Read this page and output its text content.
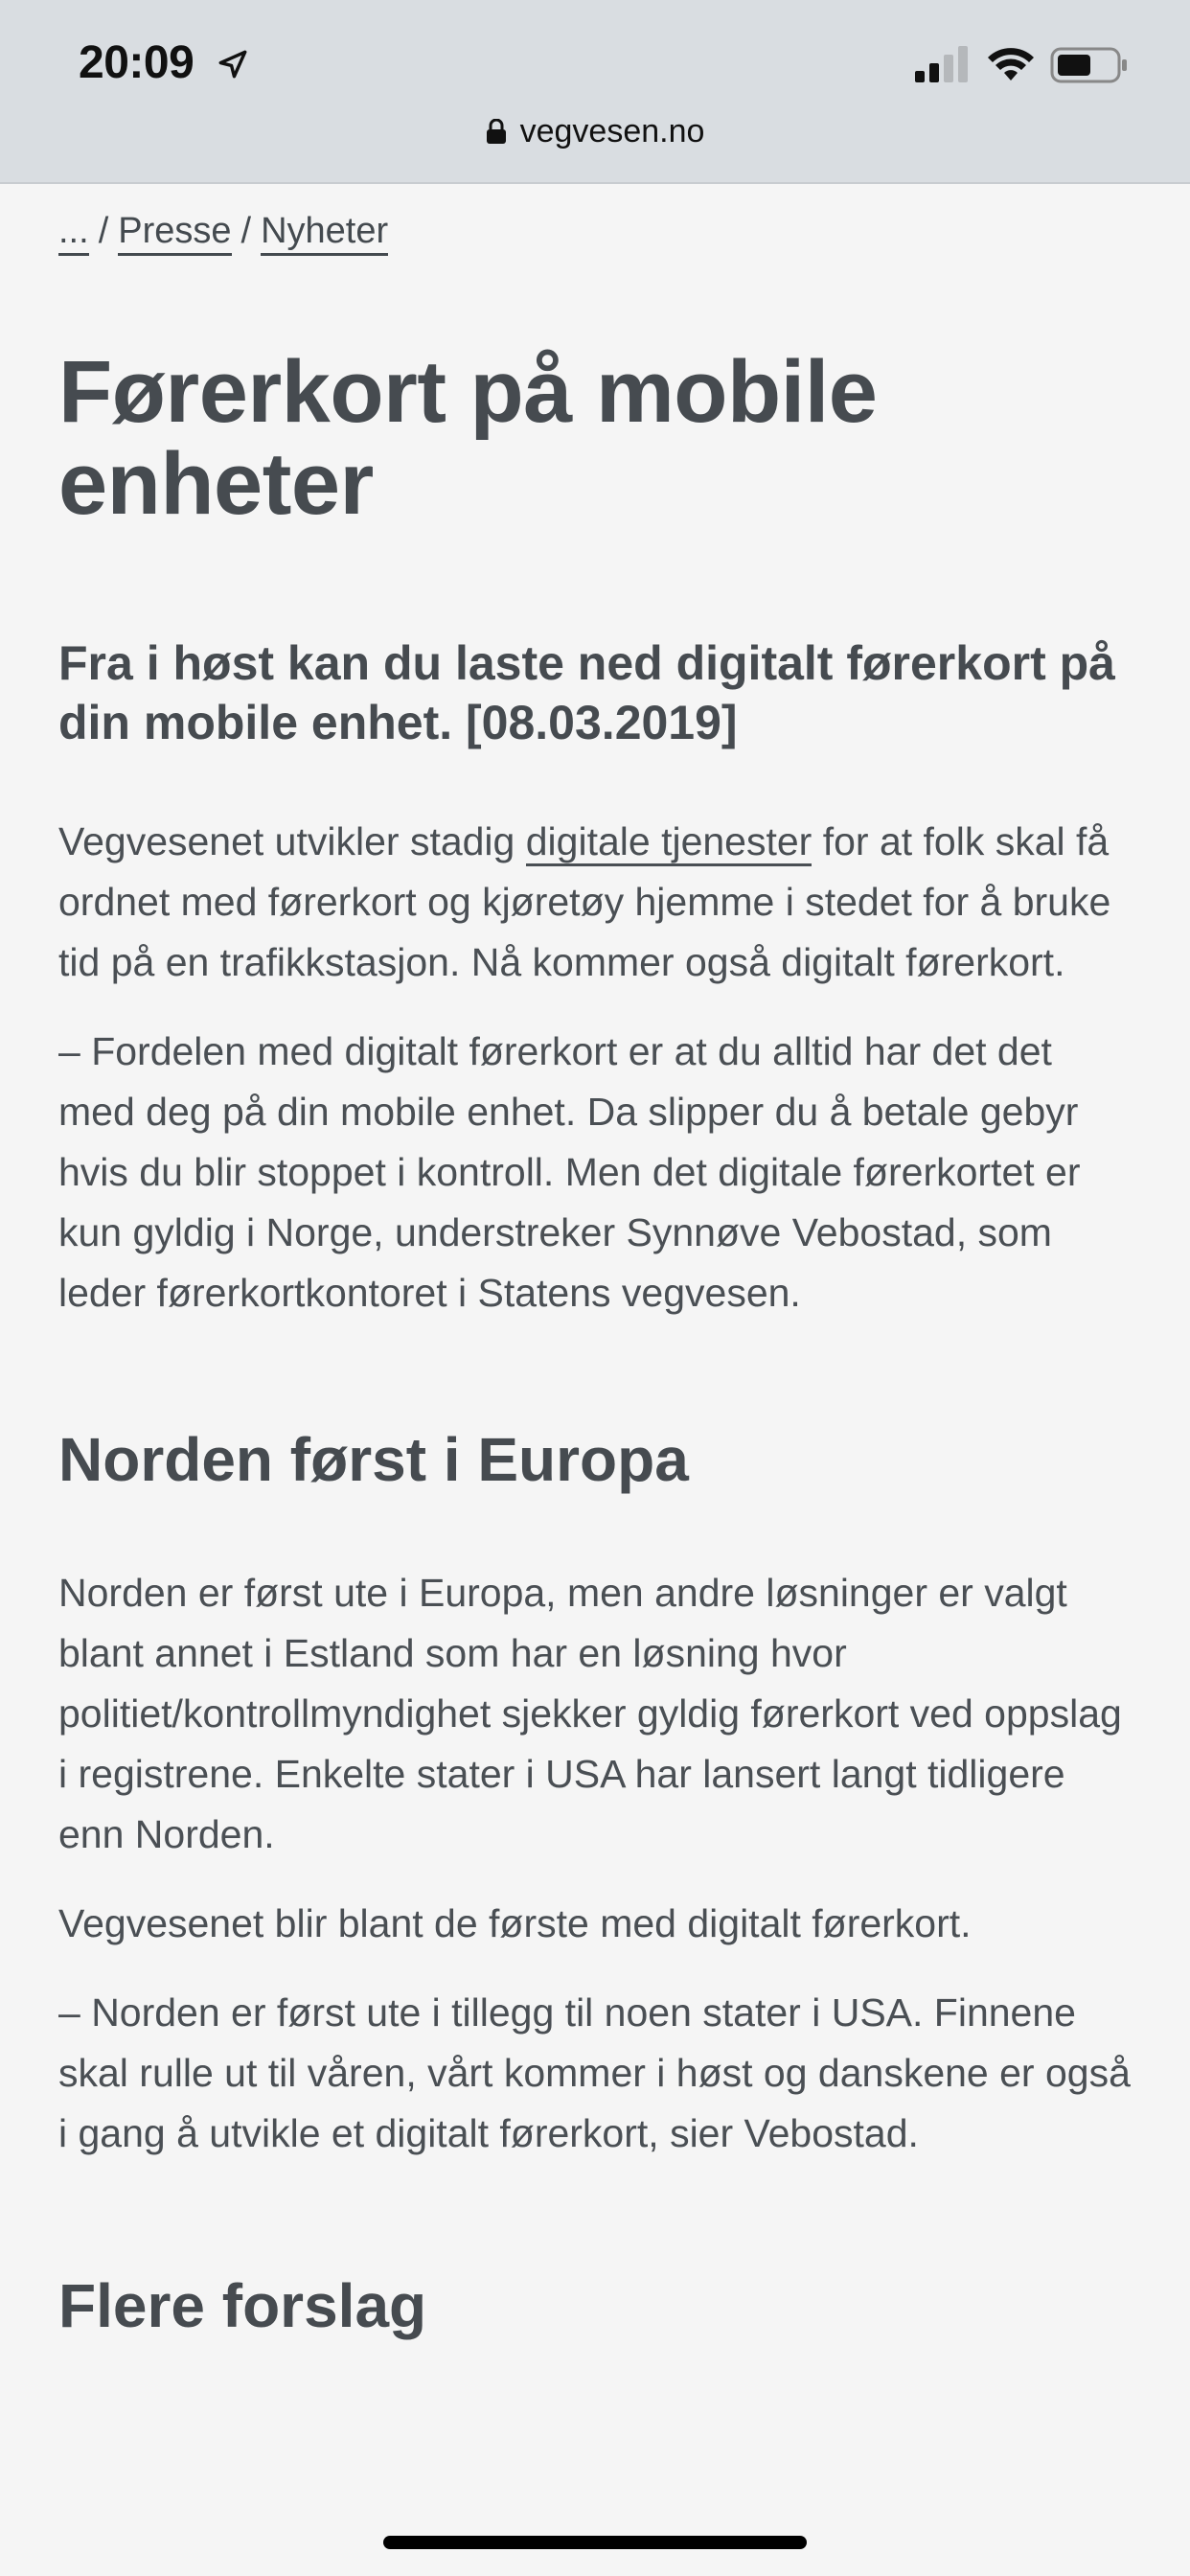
20:09
vegvesen.no
... / Presse / Nyheter
Førerkort på mobile enheter
Fra i høst kan du laste ned digitalt førerkort på din mobile enhet. [08.03.2019]

Vegvesenet utvikler stadig digitale tjenester for at folk skal få ordnet med førerkort og kjøretøy hjemme i stedet for å bruke tid på en trafikkstasjon. Nå kommer også digitalt førerkort.

– Fordelen med digitalt førerkort er at du alltid har det det med deg på din mobile enhet. Da slipper du å betale gebyr hvis du blir stoppet i kontroll. Men det digitale førerkortet er kun gyldig i Norge, understreker Synnøve Vebostad, som leder førerkortkontoret i Statens vegvesen.

Norden først i Europa

Norden er først ute i Europa, men andre løsninger er valgt blant annet i Estland som har en løsning hvor politiet/kontrollmyndighet sjekker gyldig førerkort ved oppslag i registrene. Enkelte stater i USA har lansert langt tidligere enn Norden.

Vegvesenet blir blant de første med digitalt førerkort.

– Norden er først ute i tillegg til noen stater i USA. Finnene skal rulle ut til våren, vårt kommer i høst og danskene er også i gang å utvikle et digitalt førerkort, sier Vebostad.

Flere forslag
